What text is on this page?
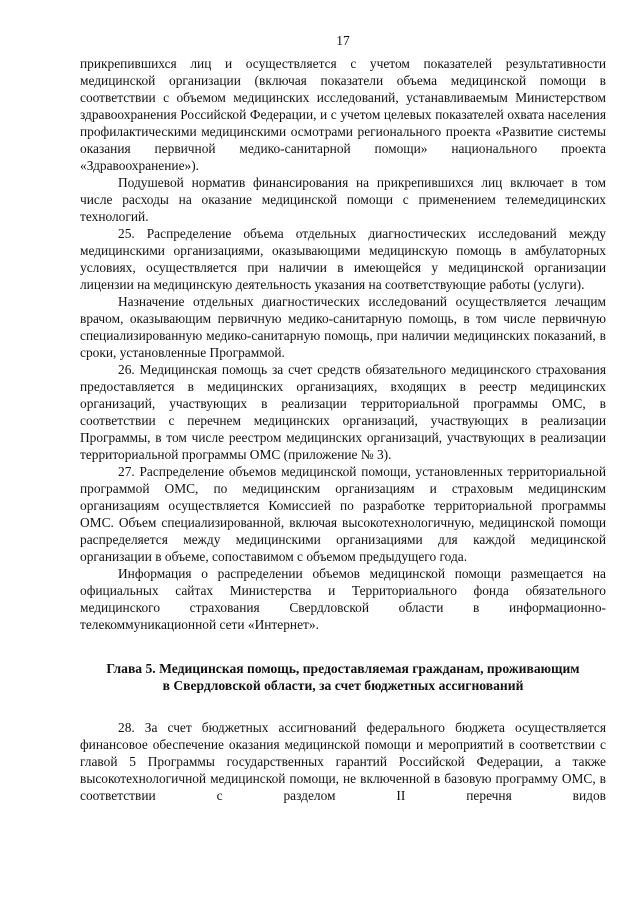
17

прикрепившихся лиц и осуществляется с учетом показателей результативности медицинской организации (включая показатели объема медицинской помощи в соответствии с объемом медицинских исследований, устанавливаемым Министерством здравоохранения Российской Федерации, и с учетом целевых показателей охвата населения профилактическими медицинскими осмотрами регионального проекта «Развитие системы оказания первичной медико-санитарной помощи» национального проекта «Здравоохранение»).

Подушевой норматив финансирования на прикрепившихся лиц включает в том числе расходы на оказание медицинской помощи с применением телемедицинских технологий.

25. Распределение объема отдельных диагностических исследований между медицинскими организациями, оказывающими медицинскую помощь в амбулаторных условиях, осуществляется при наличии в имеющейся у медицинской организации лицензии на медицинскую деятельность указания на соответствующие работы (услуги).

Назначение отдельных диагностических исследований осуществляется лечащим врачом, оказывающим первичную медико-санитарную помощь, в том числе первичную специализированную медико-санитарную помощь, при наличии медицинских показаний, в сроки, установленные Программой.

26. Медицинская помощь за счет средств обязательного медицинского страхования предоставляется в медицинских организациях, входящих в реестр медицинских организаций, участвующих в реализации территориальной программы ОМС, в соответствии с перечнем медицинских организаций, участвующих в реализации Программы, в том числе реестром медицинских организаций, участвующих в реализации территориальной программы ОМС (приложение № 3).

27. Распределение объемов медицинской помощи, установленных территориальной программой ОМС, по медицинским организациям и страховым медицинским организациям осуществляется Комиссией по разработке территориальной программы ОМС. Объем специализированной, включая высокотехнологичную, медицинской помощи распределяется между медицинскими организациями для каждой медицинской организации в объеме, сопоставимом с объемом предыдущего года.

Информация о распределении объемов медицинской помощи размещается на официальных сайтах Министерства и Территориального фонда обязательного медицинского страхования Свердловской области в информационно-телекоммуникационной сети «Интернет».

Глава 5. Медицинская помощь, предоставляемая гражданам, проживающим
в Свердловской области, за счет бюджетных ассигнований

28. За счет бюджетных ассигнований федерального бюджета осуществляется финансовое обеспечение оказания медицинской помощи и мероприятий в соответствии с главой 5 Программы государственных гарантий Российской Федерации, а также высокотехнологичной медицинской помощи, не включенной в базовую программу ОМС, в соответствии с разделом II перечня видов
